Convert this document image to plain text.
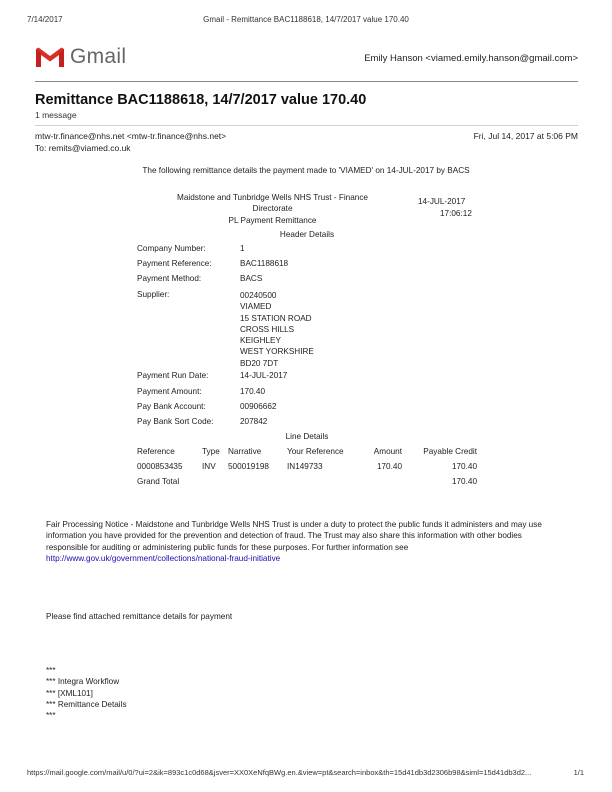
7/14/2017	Gmail - Remittance BAC1188618, 14/7/2017 value 170.40
Gmail	Emily Hanson <viamed.emily.hanson@gmail.com>
Remittance BAC1188618, 14/7/2017 value 170.40
1 message
mtw-tr.finance@nhs.net <mtw-tr.finance@nhs.net>	Fri, Jul 14, 2017 at 5:06 PM
To: remits@viamed.co.uk
The following remittance details the payment made to 'VIAMED' on 14-JUL-2017 by BACS
Maidstone and Tunbridge Wells NHS Trust - Finance
Directorate
PL Payment Remittance
14-JUL-2017
17:06:12
Header Details
Company Number:	1
Payment Reference:	BAC1188618
Payment Method:	BACS
Supplier:	00240500
VIAMED
15 STATION ROAD
CROSS HILLS
KEIGHLEY
WEST YORKSHIRE
BD20 7DT
Payment Run Date:	14-JUL-2017
Payment Amount:	170.40
Pay Bank Account:	00906662
Pay Bank Sort Code:	207842
Line Details
Reference	Type Narrative	Your Reference	Amount	Payable Credit
0000853435 INV 500019198 IN149733	170.40	170.40
Grand Total	170.40
Fair Processing Notice - Maidstone and Tunbridge Wells NHS Trust is under a duty to protect the public funds it administers and may use information you have provided for the prevention and detection of fraud. The Trust may also share this information with other bodies responsible for auditing or administering public funds for these purposes. For further information see http://www.gov.uk/government/collections/national-fraud-initiative
Please find attached remittance details for payment
***
*** Integra Workflow
*** [XML101]
*** Remittance Details
***
https://mail.google.com/mail/u/0/?ui=2&ik=893c1c0d68&jsver=XX0XeNfqBWg.en.&view=pt&search=inbox&th=15d41db3d2306b98&siml=15d41db3d2...	1/1
